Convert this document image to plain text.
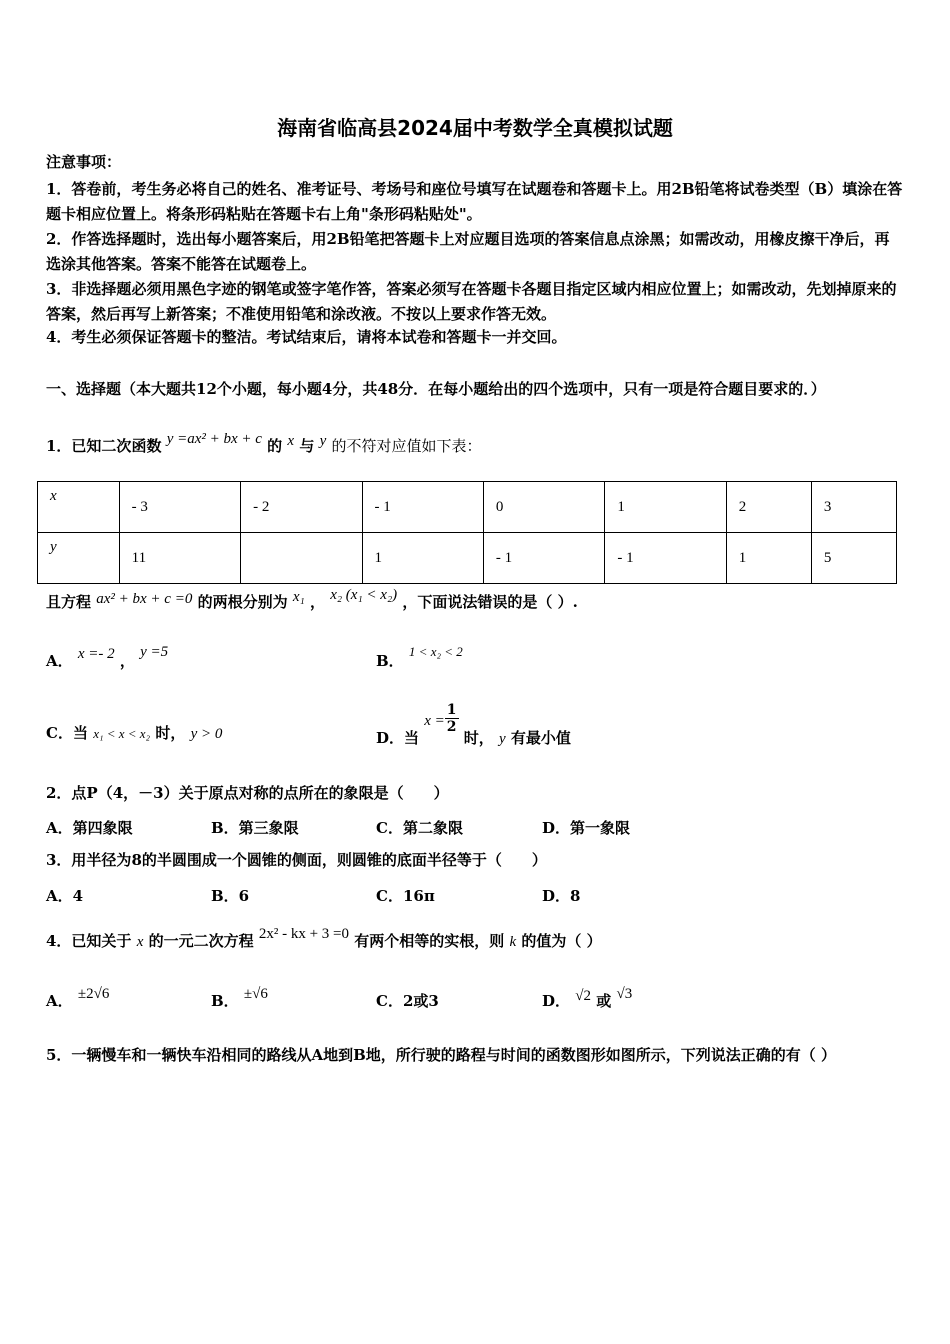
海南省临高县2024届中考数学全真模拟试题
注意事项：
1．答卷前，考生务必将自己的姓名、准考证号、考场号和座位号填写在试题卷和答题卡上。用2B铅笔将试卷类型（B）填涂在答题卡相应位置上。将条形码粘贴在答题卡右上角"条形码粘贴处"。
2．作答选择题时，选出每小题答案后，用2B铅笔把答题卡上对应题目选项的答案信息点涂黑；如需改动，用橡皮擦干净后，再选涂其他答案。答案不能答在试题卷上。
3．非选择题必须用黑色字迹的钢笔或签字笔作答，答案必须写在答题卡各题目指定区域内相应位置上；如需改动，先划掉原来的答案，然后再写上新答案；不准使用铅笔和涂改液。不按以上要求作答无效。
4．考生必须保证答题卡的整洁。考试结束后，请将本试卷和答题卡一并交回。
一、选择题（本大题共12个小题，每小题4分，共48分．在每小题给出的四个选项中，只有一项是符合题目要求的．）
1．已知二次函数 y =ax² + bx + c 的 x 与 y 的不符对应值如下表：
x	- 3	- 2	- 1	0	1	2	3
y	11		1	- 1	- 1	1	5
且方程 ax² + bx + c =0 的两根分别为 x₁ ， x₂ (x₁ < x₂) ，下面说法错误的是（ ）.
A． x =- 2 ， y =5	B． 1 < x₂ < 2
C．当 x₁ < x < x₂ 时， y > 0	D．当 $x = \frac{1}{2}$
时， y 有最小值
2．点P（4，－3）关于原点对称的点所在的象限是（　　）
A．第四象限	B．第三象限	C．第二象限	D．第一象限
3．用半径为8的半圆围成一个圆锥的侧面，则圆锥的底面半径等于（　　）
A．4	B．6	C．16π	D．8
4．已知关于 x 的一元二次方程 2x² - kx + 3 =0 有两个相等的实根，则 k 的值为（ ）
A． ±2√6	B． ±√6	C．2或3	D． √2 或 √3
5．一辆慢车和一辆快车沿相同的路线从A地到B地，所行驶的路程与时间的函数图形如图所示，下列说法正确的有（ ）
